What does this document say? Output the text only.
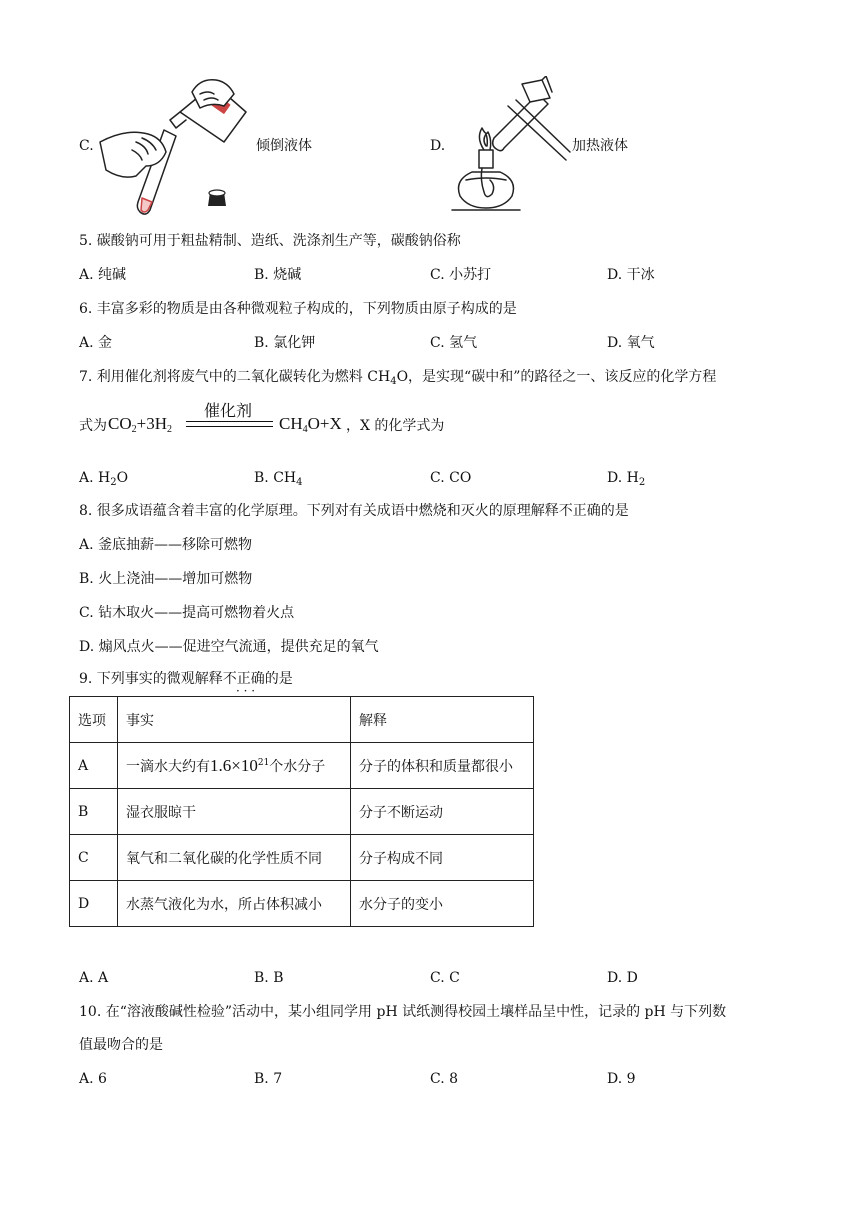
C.	倾倒液体	D.	加热液体
5. 碳酸钠可用于粗盐精制、造纸、洗涤剂生产等，碳酸钠俗称
A. 纯碱	B. 烧碱	C. 小苏打	D. 干冰
6. 丰富多彩的物质是由各种微观粒子构成的，下列物质由原子构成的是
A. 金	B. 氯化钾	C. 氢气	D. 氧气
7. 利用催化剂将废气中的二氧化碳转化为燃料 $CH_4O$，是实现“碳中和”的路径之一、该反应的化学方程
式为 $CO_2+3H_2$
催化剂
$CH_4O+X$ ，X 的化学式为
A. $H_2O$	B. $CH_4$	C. CO	D. $H_2$
8. 很多成语蕴含着丰富的化学原理。下列对有关成语中燃烧和灭火的原理解释不正确的是
A. 釜底抽薪——移除可燃物
B. 火上浇油——增加可燃物
C. 钻木取火——提高可燃物着火点
D. 煽风点火——促进空气流通，提供充足的氧气
9. 下列事实的微观解释不正确的是
· · ·
选项	事实	解释
A	一滴水大约有$1.6\times 10^{21}$个水分子	分子的体积和质量都很小
B	湿衣服晾干	分子不断运动
C	氧气和二氧化碳的化学性质不同	分子构成不同
D	水蒸气液化为水，所占体积减小	水分子的变小
A. A	B. B	C. C	D. D
10. 在“溶液酸碱性检验”活动中，某小组同学用 pH 试纸测得校园土壤样品呈中性，记录的 pH 与下列数
值最吻合的是
A. 6	B. 7	C. 8	D. 9
